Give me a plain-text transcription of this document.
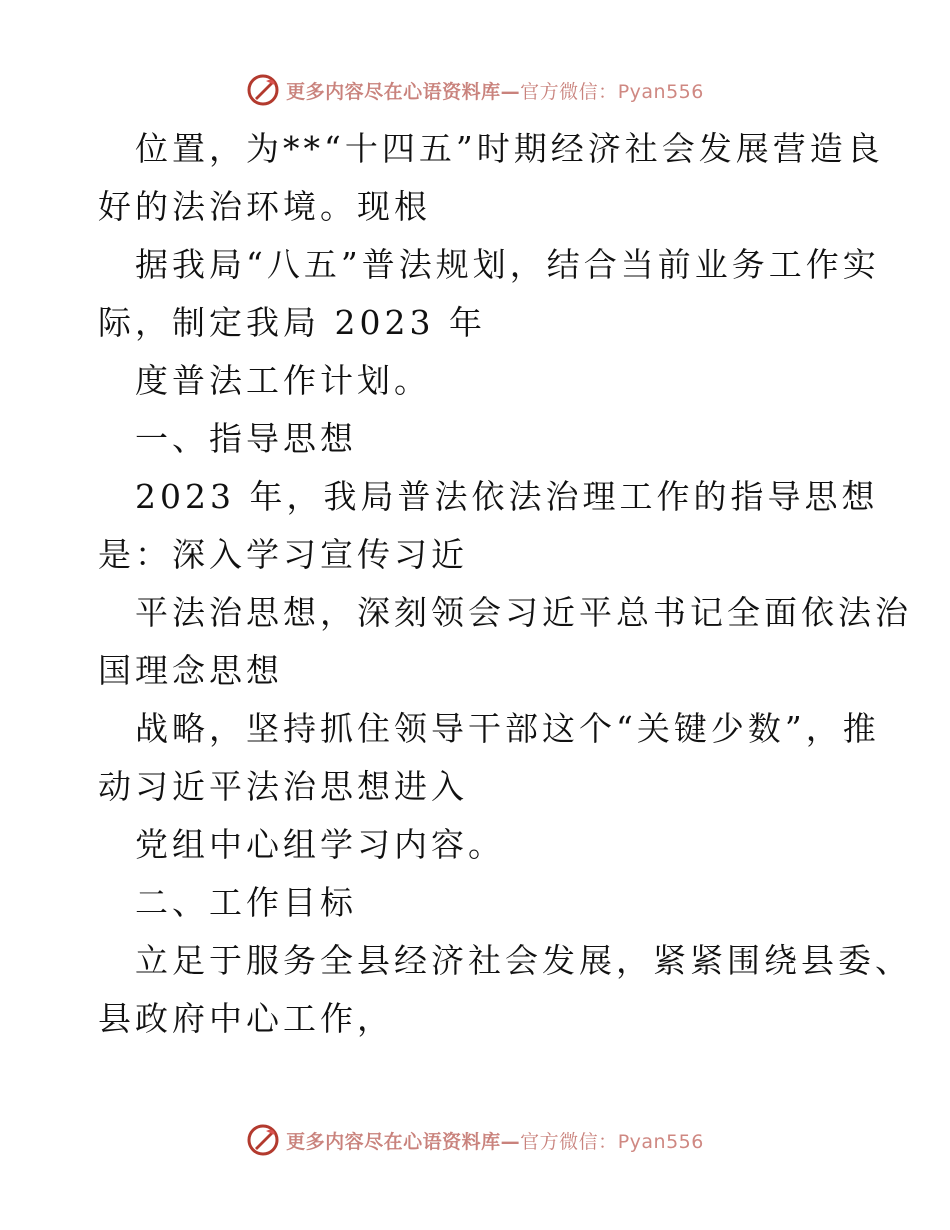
更多内容尽在心语资料库—官方微信：Pyan556
位置，为**“十四五”时期经济社会发展营造良
好的法治环境。现根
据我局“八五”普法规划，结合当前业务工作实
际，制定我局 2023 年
度普法工作计划。
一、指导思想
2023 年，我局普法依法治理工作的指导思想
是：深入学习宣传习近
平法治思想，深刻领会习近平总书记全面依法治
国理念思想
战略，坚持抓住领导干部这个“关键少数”，推
动习近平法治思想进入
党组中心组学习内容。
二、工作目标
立足于服务全县经济社会发展，紧紧围绕县委、
县政府中心工作，
更多内容尽在心语资料库—官方微信：Pyan556
